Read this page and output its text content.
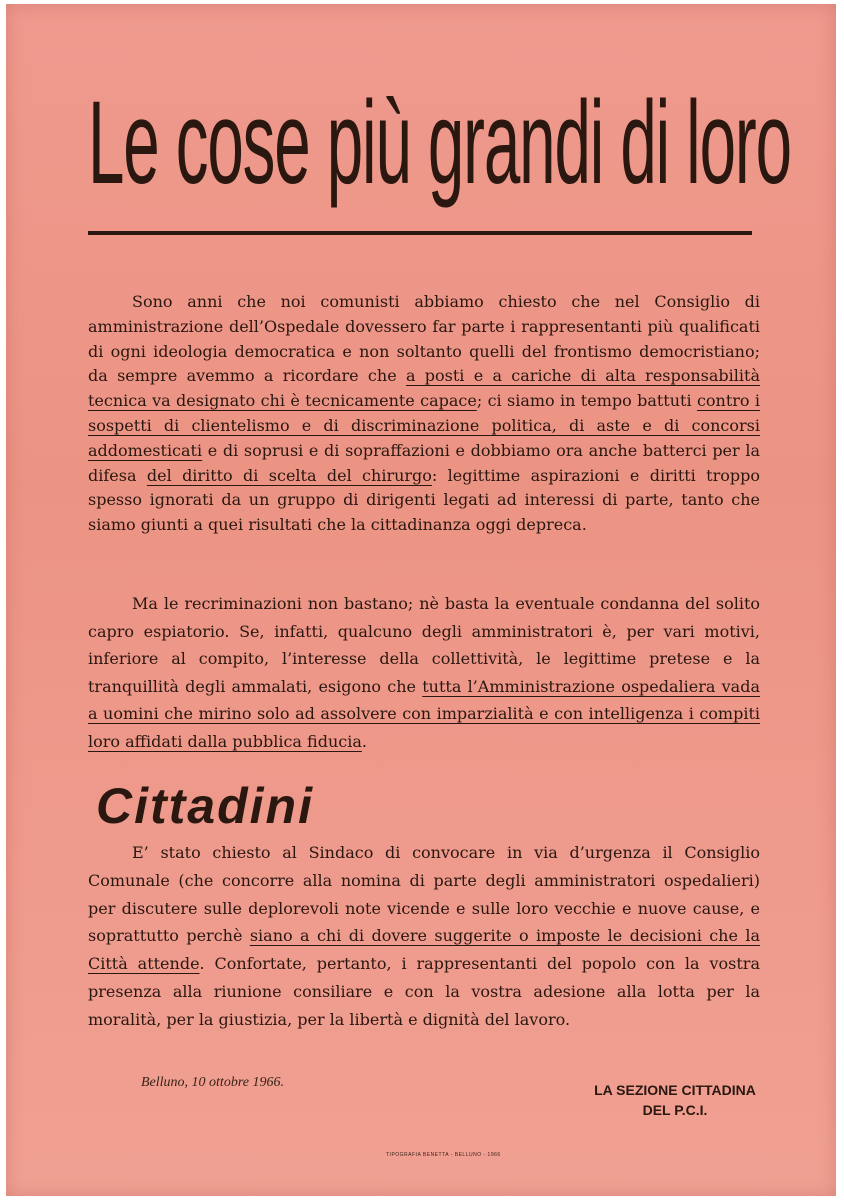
Le cose più grandi di loro

Sono anni che noi comunisti abbiamo chiesto che nel Consiglio di amministrazione dell’Ospedale dovessero far parte i rappresentanti più qualificati di ogni ideologia democratica e non soltanto quelli del frontismo democristiano; da sempre avemmo a ricordare che a posti e a cariche di alta responsabilità tecnica va designato chi è tecnicamente capace; ci siamo in tempo battuti contro i sospetti di clientelismo e di discriminazione politica, di aste e di concorsi addomesticati e di soprusi e di sopraffazioni e dobbiamo ora anche batterci per la difesa del diritto di scelta del chirurgo: legittime aspirazioni e diritti troppo spesso ignorati da un gruppo di dirigenti legati ad interessi di parte, tanto che siamo giunti a quei risultati che la cittadinanza oggi depreca.

Ma le recriminazioni non bastano; nè basta la eventuale condanna del solito capro espiatorio. Se, infatti, qualcuno degli amministratori è, per vari motivi, inferiore al compito, l’interesse della collettività, le legittime pretese e la tranquillità degli ammalati, esigono che tutta l’Amministrazione ospedaliera vada a uomini che mirino solo ad assolvere con imparzialità e con intelligenza i compiti loro affidati dalla pubblica fiducia.

Cittadini

E’ stato chiesto al Sindaco di convocare in via d’urgenza il Consiglio Comunale (che concorre alla nomina di parte degli amministratori ospedalieri) per discutere sulle deplorevoli note vicende e sulle loro vecchie e nuove cause, e soprattutto perchè siano a chi di dovere suggerite o imposte le decisioni che la Città attende. Confortate, pertanto, i rappresentanti del popolo con la vostra presenza alla riunione consiliare e con la vostra adesione alla lotta per la moralità, per la giustizia, per la libertà e dignità del lavoro.

Belluno, 10 ottobre 1966.	LA SEZIONE CITTADINA
DEL P.C.I.
TIPOGRAFIA BENETTA - BELLUNO - 1966
